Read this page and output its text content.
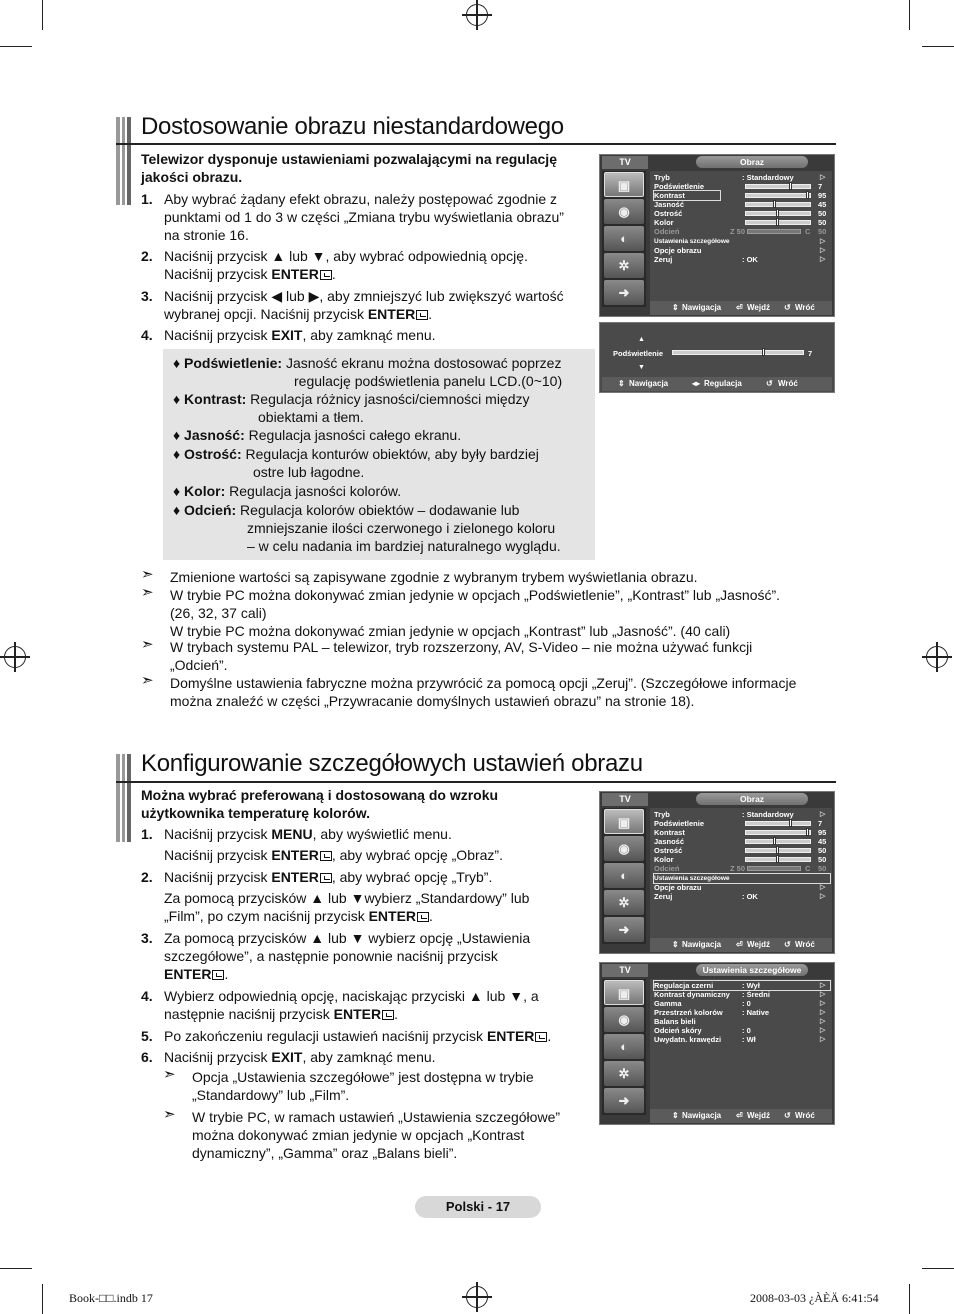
Dostosowanie obrazu niestandardowego
Telewizor dysponuje ustawieniami pozwalającymi na regulację
jakości obrazu.
1. Aby wybrać żądany efekt obrazu, należy postępować zgodnie z
punktami od 1 do 3 w części „Zmiana trybu wyświetlania obrazu”
na stronie 16.
2. Naciśnij przycisk ▲ lub ▼, aby wybrać odpowiednią opcję.
Naciśnij przycisk ENTER .
3. Naciśnij przycisk ◀ lub ▶, aby zmniejszyć lub zwiększyć wartość
wybranej opcji. Naciśnij przycisk ENTER .
4. Naciśnij przycisk EXIT, aby zamknąć menu.
♦ Podświetlenie: Jasność ekranu można dostosować poprzez
regulację podświetlenia panelu LCD.(0~10)
♦ Kontrast: Regulacja różnicy jasności/ciemności między
obiektami a tłem.
♦ Jasność: Regulacja jasności całego ekranu.
♦ Ostrość: Regulacja konturów obiektów, aby były bardziej
ostre lub łagodne.
♦ Kolor: Regulacja jasności kolorów.
♦ Odcień: Regulacja kolorów obiektów – dodawanie lub
zmniejszanie ilości czerwonego i zielonego koloru
– w celu nadania im bardziej naturalnego wyglądu.
➣ Zmienione wartości są zapisywane zgodnie z wybranym trybem wyświetlania obrazu.
➣ W trybie PC można dokonywać zmian jedynie w opcjach „Podświetlenie”, „Kontrast” lub „Jasność”.
(26, 32, 37 cali)
W trybie PC można dokonywać zmian jedynie w opcjach „Kontrast” lub „Jasność”. (40 cali)
➣ W trybach systemu PAL – telewizor, tryb rozszerzony, AV, S-Video – nie można używać funkcji
„Odcień”.
➣ Domyślne ustawienia fabryczne można przywrócić za pomocą opcji „Zeruj”. (Szczegółowe informacje
można znaleźć w części „Przywracanie domyślnych ustawień obrazu” na stronie 18).
TV	Obraz
▣
◉
◐
✲
➜
Tryb	: Standardowy
Podświetlenie	7
Kontrast	95
Jasność	45
Ostrość	50
Kolor	50
Odcień	Z 50	C 50
Ustawienia szczegółowe
Opcje obrazu
Zeruj	: OK
▷
▷
▷
▷
⇕ Nawigacja ⏎ Wejdź ↺ Wróć
▲
Podświetlenie	7
▼
⇕ Nawigacja	◂▸ Regulacja	↺ Wróć
Konfigurowanie szczegółowych ustawień obrazu
Można wybrać preferowaną i dostosowaną do wzroku
użytkownika temperaturę kolorów.
1. Naciśnij przycisk MENU, aby wyświetlić menu.
Naciśnij przycisk ENTER , aby wybrać opcję „Obraz”.
2. Naciśnij przycisk ENTER , aby wybrać opcję „Tryb”.
Za pomocą przycisków ▲ lub ▼wybierz „Standardowy” lub
„Film”, po czym naciśnij przycisk ENTER .
3. Za pomocą przycisków ▲ lub ▼ wybierz opcję „Ustawienia
szczegółowe”, a następnie ponownie naciśnij przycisk
ENTER .
4. Wybierz odpowiednią opcję, naciskając przyciski ▲ lub ▼, a
następnie naciśnij przycisk ENTER .
5. Po zakończeniu regulacji ustawień naciśnij przycisk ENTER .
6. Naciśnij przycisk EXIT, aby zamknąć menu.
➣ Opcja „Ustawienia szczegółowe” jest dostępna w trybie
„Standardowy” lub „Film”.
➣ W trybie PC, w ramach ustawień „Ustawienia szczegółowe”
można dokonywać zmian jedynie w opcjach „Kontrast
dynamiczny”, „Gamma” oraz „Balans bieli”.
TV	Obraz
▣
◉
◐
✲
➜
Tryb	: Standardowy
Podświetlenie	7
Kontrast	95
Jasność	45
Ostrość	50
Kolor	50
Odcień	Z 50	C 50
Ustawienia szczegółowe
Opcje obrazu
Zeruj	: OK
▷
▷
▷
⇕ Nawigacja ⏎ Wejdź ↺ Wróć
TV	Ustawienia szczegółowe
▣
◉
◐
✲
➜
Regulacja czerni	: Wył
Kontrast dynamiczny : Średni
Gamma	: 0
Przestrzeń kolorów	: Native
Balans bieli
Odcień skóry	: 0
Uwydatn. krawędzi	: Wł
▷
▷
▷
▷
▷
▷
▷
⇕ Nawigacja ⏎ Wejdź ↺ Wróć
Polski - 17
Book-□□.indb 17	2008-03-03 ¿ÀÈÄ 6:41:54
